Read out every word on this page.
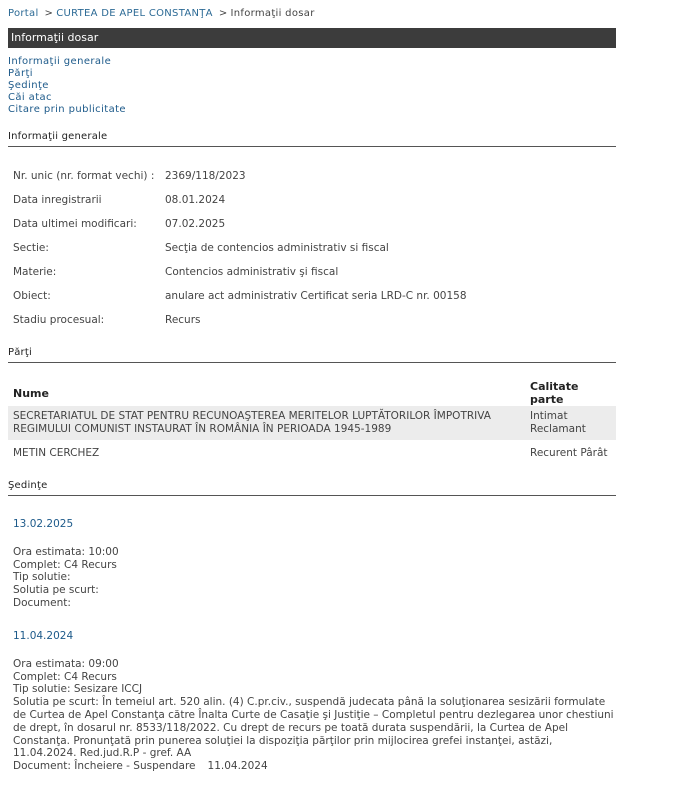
Portal > CURTEA DE APEL CONSTANŢA > Informaţii dosar
Informaţii dosar
Informaţii generale
Părţi
Şedinţe
Căi atac
Citare prin publicitate
Informaţii generale
Nr. unic (nr. format vechi) :	2369/118/2023
Data inregistrarii	08.01.2024
Data ultimei modificari:	07.02.2025
Sectie:	Secţia de contencios administrativ si fiscal
Materie:	Contencios administrativ şi fiscal
Obiect:	anulare act administrativ Certificat seria LRD-C nr. 00158
Stadiu procesual:	Recurs
Părţi
Nume	Calitate parte
SECRETARIATUL DE STAT PENTRU RECUNOAŞTEREA MERITELOR LUPTĂTORILOR ÎMPOTRIVA REGIMULUI COMUNIST INSTAURAT ÎN ROMÂNIA ÎN PERIOADA 1945-1989	Intimat
Reclamant

METIN CERCHEZ	Recurent Pârât
Şedinţe
13.02.2025
Ora estimata: 10:00
Complet: C4 Recurs
Tip solutie:
Solutia pe scurt:
Document:
11.04.2024
Ora estimata: 09:00
Complet: C4 Recurs
Tip solutie: Sesizare ICCJ
Solutia pe scurt: În temeiul art. 520 alin. (4) C.pr.civ., suspendă judecata până la soluţionarea sesizării formulate de Curtea de Apel Constanţa către Înalta Curte de Casaţie şi Justiţie – Completul pentru dezlegarea unor chestiuni de drept, în dosarul nr. 8533/118/2022. Cu drept de recurs pe toată durata suspendării, la Curtea de Apel Constanţa. Pronunţată prin punerea soluţiei la dispoziţia părţilor prin mijlocirea grefei instanţei, astăzi, 11.04.2024. Red.jud.R.P - gref. AA
Document: Încheiere - Suspendare 11.04.2024
